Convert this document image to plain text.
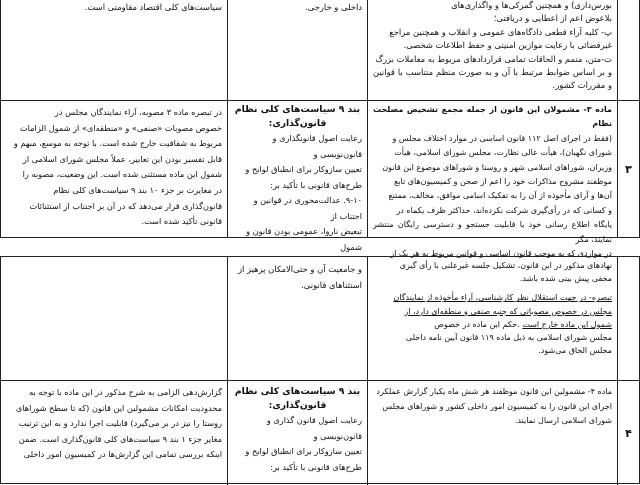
بورس‌داری) و همچنین گمرکی‌ها و واگذاری‌های

بلاعوض اعم از اعطایی و دریافتی؛

پ- کلیه آراء قطعی دادگاه‌های عمومی و انقلاب و همچنین مراجع

غیرقضائی با رعایت موازین امنیتی و حفظ اطلاعات شخصی.

ت-متن، متمم و الحاقات تمامی قراردادهای مربوط به معاملات بزرگ

و بر اساس ضوابط مرتبط با آن و به صورت منظم متناسب با قوانین و مقررات کشور.

داخلی و خارجی.

سیاست‌های کلی اقتصاد مقاومتی است.

۳

ماده ۳- مشمولان این قانون از جمله مجمع تشخیص مصلحت نظام

(فقط در اجرای اصل ۱۱۲ قانون اساسی در موارد اختلاف مجلس و

شورای نگهبان)، هیأت عالی نظارت، مجلس شورای اسلامی، هیأت

وزیران، شوراهای اسلامی شهر و روستا و شوراهای موضوع این قانون

موظفند مشروح مذاکرات خود را اعم از صحن و کمیسیون‌های تابع

آن‌ها و آرای مأخوذه از آن را به تفکیک اسامی موافق، مخالف، ممتنع

و کسانی که در رأی‌گیری شرکت نکرده‌اند، حداکثر ظرف یکماه در

پایگاه اطلاع رسانی خود با قابلیت جستجو و دسترسی رایگان منتشر نمایند، مگر

در مواردی که به موجب قانون اساسی و قوانین مربوط به هر یک از

بند ۹ سیاست‌های کلی نظام

قانون‌گذاری:

رعایت اصول قانونگذاری و قانون‌نویسی و

تعیین ساز‌و‌کار برای انطباق لوایح و

طرح‌های قانونی با تأکید بر:

۹-۱۰. عدالت‌محوری در قوانین و اجتناب از

تبعیض ناروا، عمومی بودن قانون و شمول

در تبصره ماده ۳ مصوبه، آراء نمایندگان مجلس در

خصوص مصوبات «صنفی» و «منطقه‌ای» از شمول الزامات

مربوط به شفافیت خارج شده است. با توجه به موسع، مبهم و

قابل تفسیر بودن این تعابیر، عملاً مجلس شورای اسلامی از

شمول این ماده مستثنی شده است. این وضعیت، مصوبه را

در مغایرت بر جزء ۱۰ بند ۹ سیاست‌های کلی نظام

قانون‌گذاری قرار می‌دهد که در آن بر اجتناب از استثنائات

قانونی تأکید شده است.

نهادهای مذکور در این قانون، تشکیل جلسه غیرعلنی با رأی گیری

مخفی پیش بینی شده باشد.

تبصره- در جهت استقلال نظر کارشناسی، آراء مأخوذه از نمایندگان

مجلس در خصوص مصوباتی که جنبه صنفی و منطقه‌ای دارد، از

شمول این ماده خارج است .حکم این ماده در خصوص

مجلس شورای اسلامی به ذیل ماده ۱۱۹ قانون آیین نامه داخلی

مجلس الحاق می‌شود.

و جامعیت آن و حتی‌الامکان پرهیز از

استثناهای قانونی.

۴

ماده ۴- مشمولین این قانون موظفند هر شش ماه یکبار گزارش عملکرد

اجرای این قانون را به کمیسیون امور داخلی کشور و شوراهای مجلس

شورای اسلامی ارسال نمایند.

بند ۹ سیاست‌های کلی نظام

قانون‌گذاری:

رعایت اصول قانون گذاری و قانون‌نویسی و

تعیین سازوکار برای انطباق لوایح و

طرح‌های قانونی با تأکید بر:

گزارش‌دهی الزامی به شرح مذکور در این ماده با توجه به

محدودیت امکانات مشمولین این قانون (که تا سطح شوراهای

روستا را نیز در بر می‌گیرد) قابلیت اجرا ندارد و به این ترتیب

مغایر جزء ۱ بند ۹ سیاست‌های کلی قانون‌گذاری است. ضمن

اینکه بررسی تمامی این گزارش‌ها در کمیسیون امور داخلی
